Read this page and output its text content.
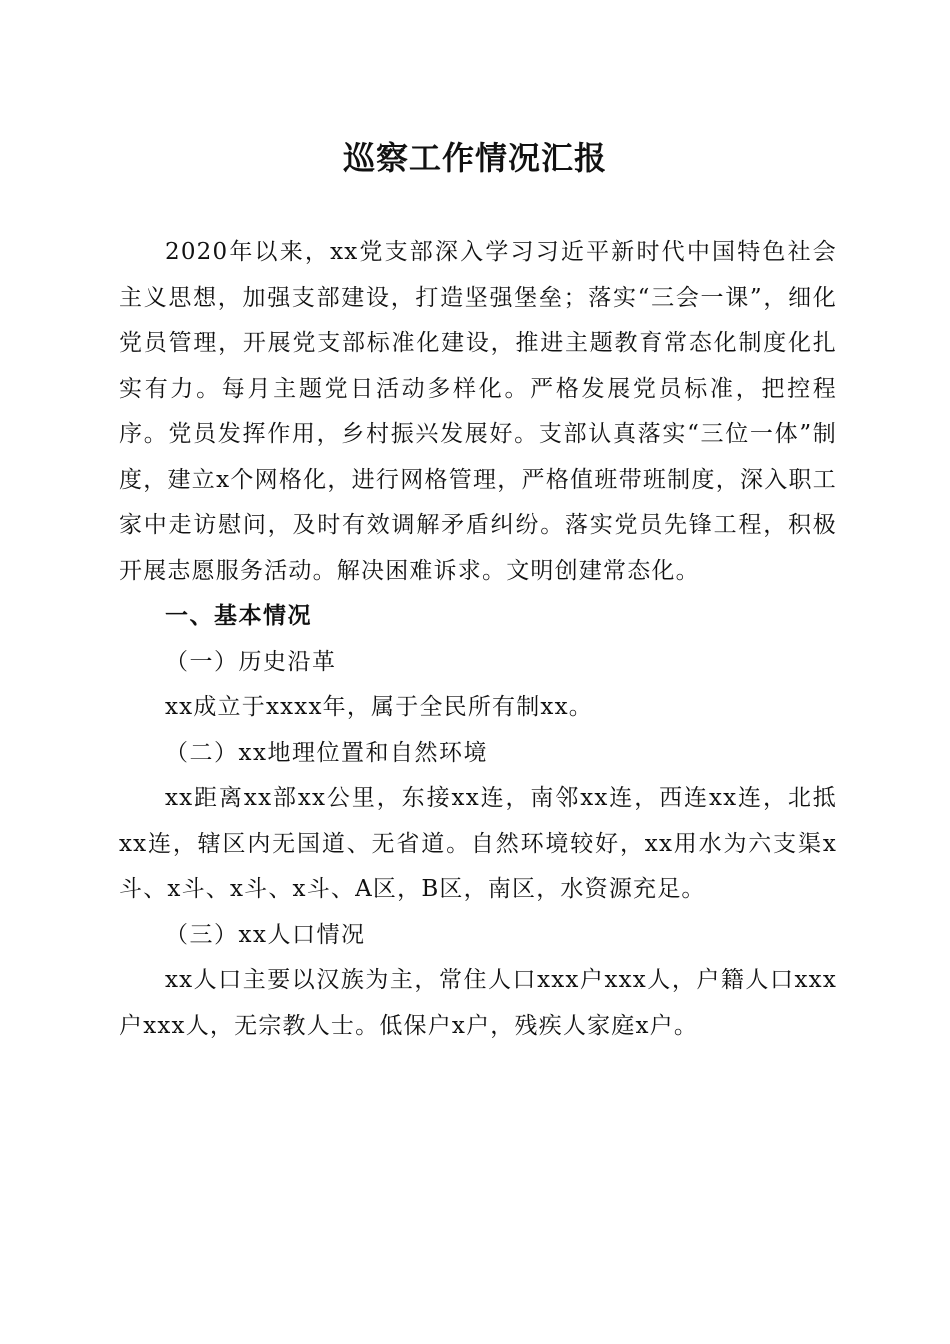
巡察工作情况汇报

2020年以来，xx党支部深入学习习近平新时代中国特色社会主义思想，加强支部建设，打造坚强堡垒；落实“三会一课”，细化党员管理，开展党支部标准化建设，推进主题教育常态化制度化扎实有力。每月主题党日活动多样化。严格发展党员标准，把控程序。党员发挥作用，乡村振兴发展好。支部认真落实“三位一体”制度，建立x个网格化，进行网格管理，严格值班带班制度，深入职工家中走访慰问，及时有效调解矛盾纠纷。落实党员先锋工程，积极开展志愿服务活动。解决困难诉求。文明创建常态化。

一、基本情况

（一）历史沿革

xx成立于xxxx年，属于全民所有制xx。

（二）xx地理位置和自然环境

xx距离xx部xx公里，东接xx连，南邻xx连，西连xx连，北抵xx连，辖区内无国道、无省道。自然环境较好，xx用水为六支渠x斗、x斗、x斗、x斗、A区，B区，南区，水资源充足。

（三）xx人口情况

xx人口主要以汉族为主，常住人口xxx户xxx人，户籍人口xxx户xxx人，无宗教人士。低保户x户，残疾人家庭x户。
